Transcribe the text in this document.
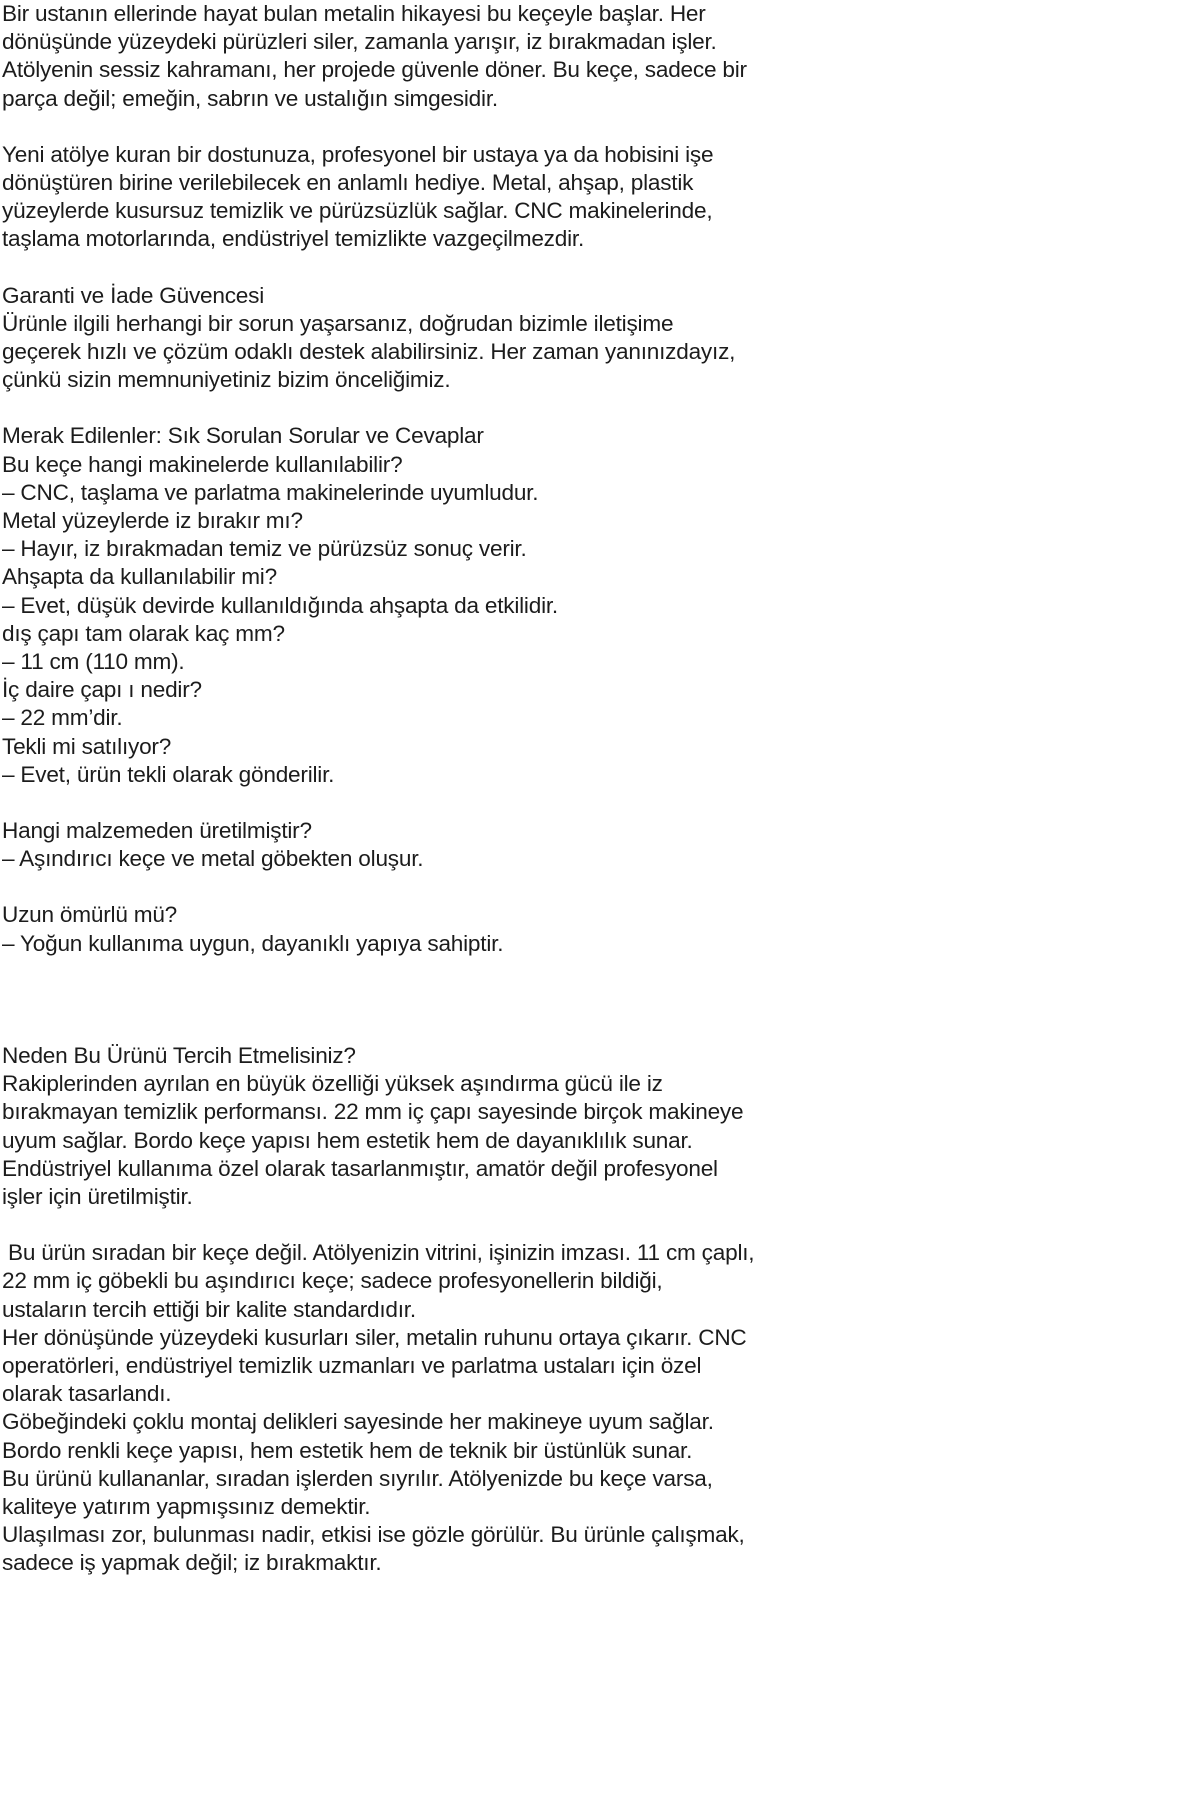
Bir ustanın ellerinde hayat bulan metalin hikayesi bu keçeyle başlar. Her
dönüşünde yüzeydeki pürüzleri siler, zamanla yarışır, iz bırakmadan işler.
Atölyenin sessiz kahramanı, her projede güvenle döner. Bu keçe, sadece bir
parça değil; emeğin, sabrın ve ustalığın simgesidir.
Yeni atölye kuran bir dostunuza, profesyonel bir ustaya ya da hobisini işe
dönüştüren birine verilebilecek en anlamlı hediye. Metal, ahşap, plastik
yüzeylerde kusursuz temizlik ve pürüzsüzlük sağlar. CNC makinelerinde,
taşlama motorlarında, endüstriyel temizlikte vazgeçilmezdir.
Garanti ve İade Güvencesi
Ürünle ilgili herhangi bir sorun yaşarsanız, doğrudan bizimle iletişime
geçerek hızlı ve çözüm odaklı destek alabilirsiniz. Her zaman yanınızdayız,
çünkü sizin memnuniyetiniz bizim önceliğimiz.
Merak Edilenler: Sık Sorulan Sorular ve Cevaplar
Bu keçe hangi makinelerde kullanılabilir?
– CNC, taşlama ve parlatma makinelerinde uyumludur.
Metal yüzeylerde iz bırakır mı?
– Hayır, iz bırakmadan temiz ve pürüzsüz sonuç verir.
Ahşapta da kullanılabilir mi?
– Evet, düşük devirde kullanıldığında ahşapta da etkilidir.
dış çapı tam olarak kaç mm?
– 11 cm (110 mm).
İç daire çapı ı nedir?
– 22 mm’dir.
Tekli mi satılıyor?
– Evet, ürün tekli olarak gönderilir.
Hangi malzemeden üretilmiştir?
– Aşındırıcı keçe ve metal göbekten oluşur.
Uzun ömürlü mü?
– Yoğun kullanıma uygun, dayanıklı yapıya sahiptir.
Neden Bu Ürünü Tercih Etmelisiniz?
Rakiplerinden ayrılan en büyük özelliği yüksek aşındırma gücü ile iz
bırakmayan temizlik performansı. 22 mm iç çapı sayesinde birçok makineye
uyum sağlar. Bordo keçe yapısı hem estetik hem de dayanıklılık sunar.
Endüstriyel kullanıma özel olarak tasarlanmıştır, amatör değil profesyonel
işler için üretilmiştir.
Bu ürün sıradan bir keçe değil. Atölyenizin vitrini, işinizin imzası. 11 cm çaplı,
22 mm iç göbekli bu aşındırıcı keçe; sadece profesyonellerin bildiği,
ustaların tercih ettiği bir kalite standardıdır.
Her dönüşünde yüzeydeki kusurları siler, metalin ruhunu ortaya çıkarır. CNC
operatörleri, endüstriyel temizlik uzmanları ve parlatma ustaları için özel
olarak tasarlandı.
Göbeğindeki çoklu montaj delikleri sayesinde her makineye uyum sağlar.
Bordo renkli keçe yapısı, hem estetik hem de teknik bir üstünlük sunar.
Bu ürünü kullananlar, sıradan işlerden sıyrılır. Atölyenizde bu keçe varsa,
kaliteye yatırım yapmışsınız demektir.
Ulaşılması zor, bulunması nadir, etkisi ise gözle görülür. Bu ürünle çalışmak,
sadece iş yapmak değil; iz bırakmaktır.
